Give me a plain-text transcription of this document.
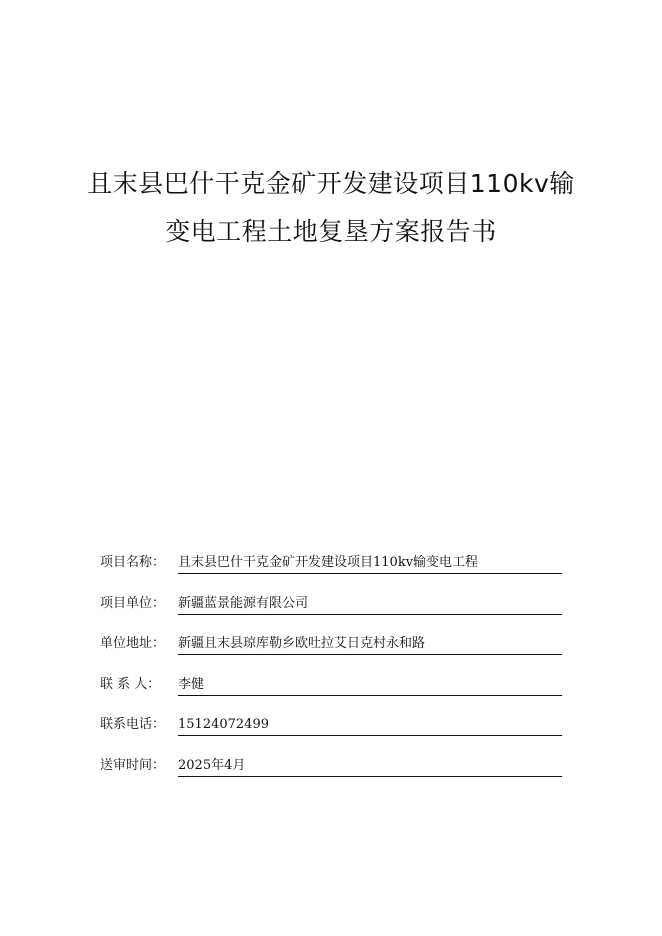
且末县巴什干克金矿开发建设项目110kv输
变电工程土地复垦方案报告书
项目名称： 且末县巴什干克金矿开发建设项目110kv输变电工程
项目单位： 新疆蓝景能源有限公司
单位地址： 新疆且末县琼库勒乡欧吐拉艾日克村永和路
联 系 人：	李健
联系电话： 15124072499
送审时间： 2025年4月
